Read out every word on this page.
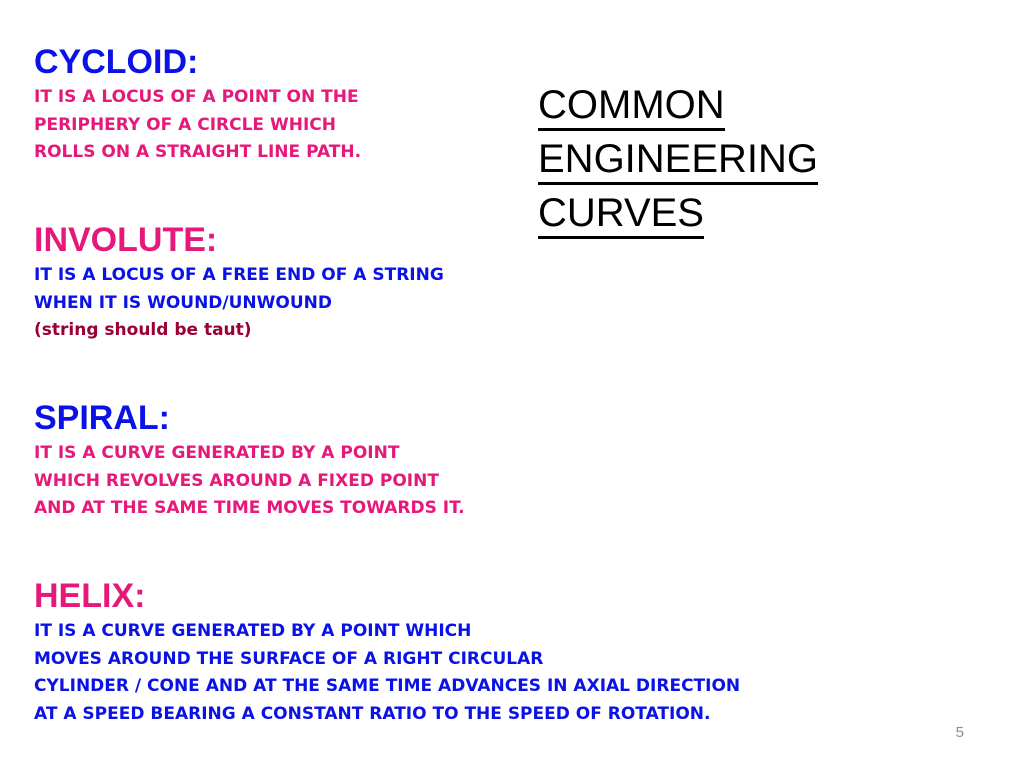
CYCLOID:
IT IS A LOCUS OF A POINT ON THE
PERIPHERY OF A CIRCLE WHICH
ROLLS ON A STRAIGHT LINE PATH.
INVOLUTE:
IT IS A LOCUS OF A FREE END OF A STRING
WHEN IT IS WOUND/UNWOUND
(string should be taut)
SPIRAL:
IT IS A CURVE GENERATED BY A POINT
WHICH REVOLVES AROUND A FIXED POINT
AND AT THE SAME TIME MOVES TOWARDS IT.
HELIX:
IT IS A CURVE GENERATED BY A POINT WHICH
MOVES AROUND THE SURFACE OF A RIGHT CIRCULAR
CYLINDER / CONE AND AT THE SAME TIME ADVANCES IN AXIAL DIRECTION
AT A SPEED BEARING A CONSTANT RATIO TO THE SPEED OF ROTATION.
COMMON
ENGINEERING
CURVES
5
